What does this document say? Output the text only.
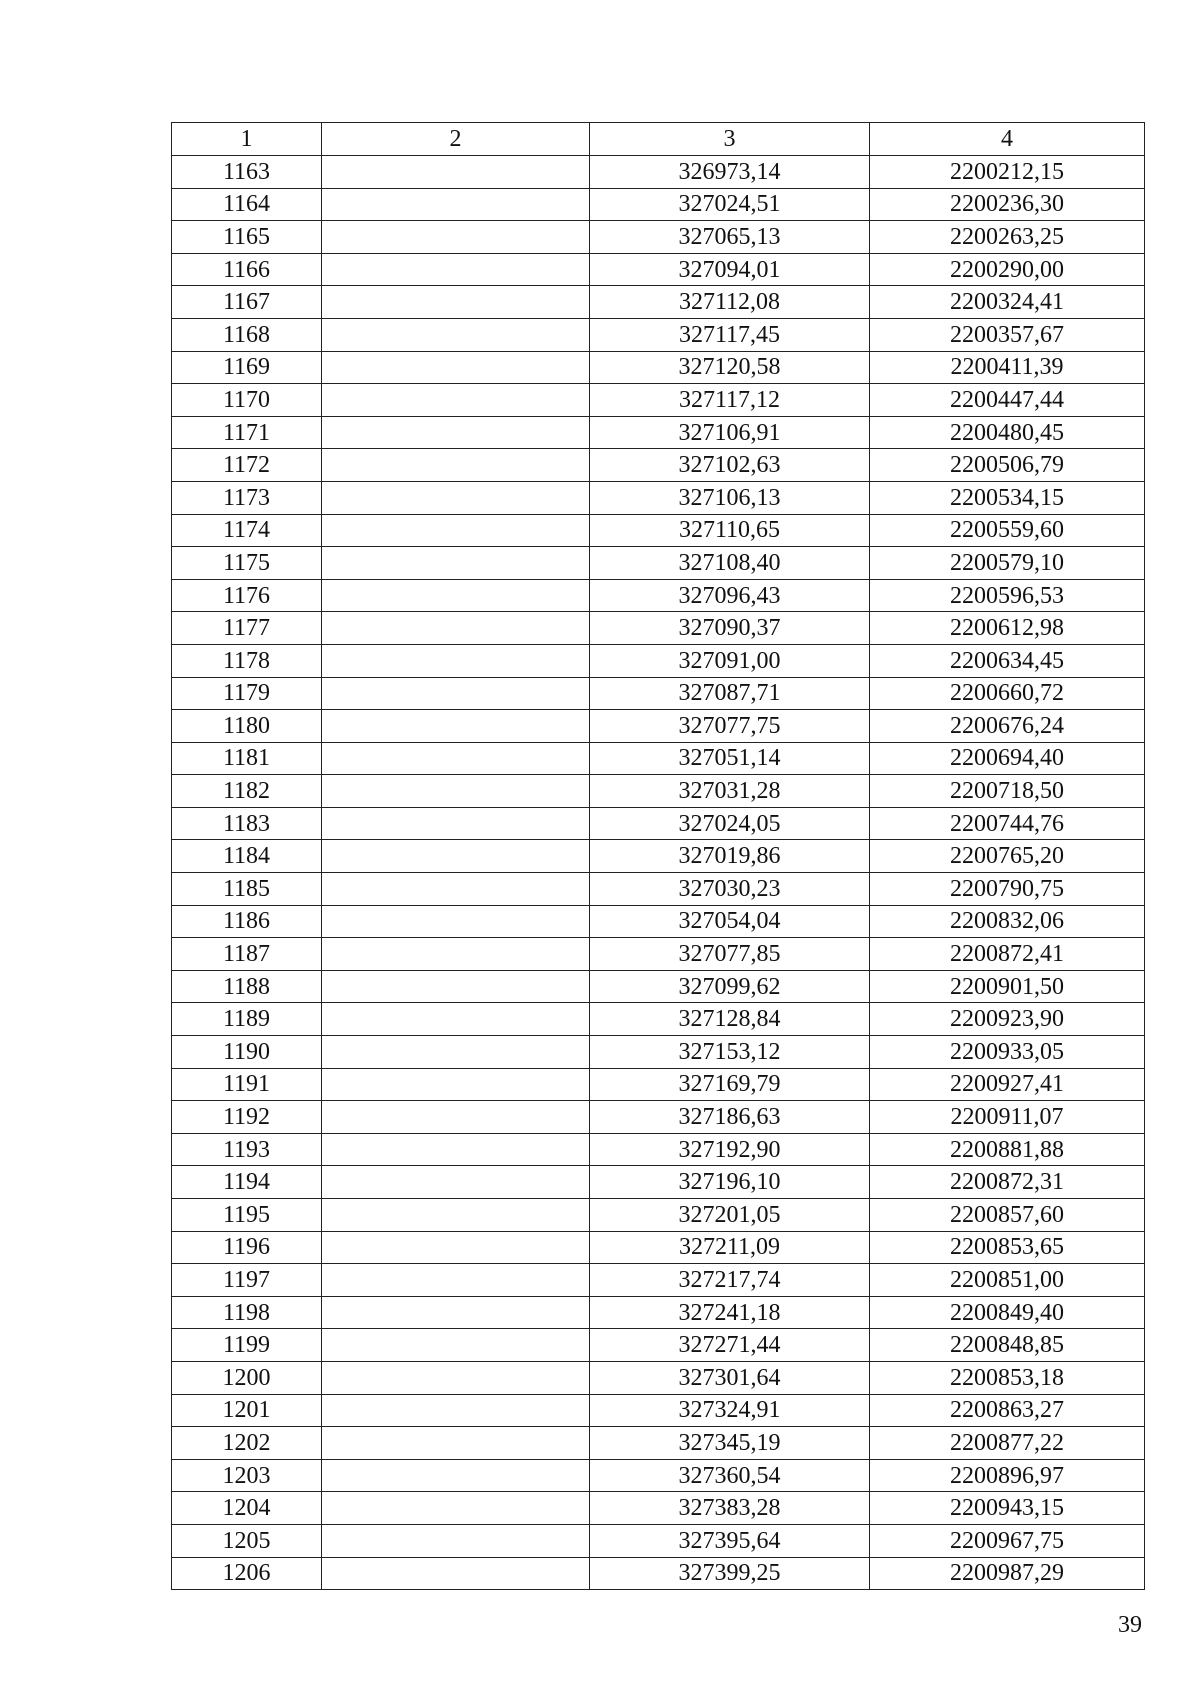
1	2	3	4
1163		326973,14	2200212,15
1164		327024,51	2200236,30
1165		327065,13	2200263,25
1166		327094,01	2200290,00
1167		327112,08	2200324,41
1168		327117,45	2200357,67
1169		327120,58	2200411,39
1170		327117,12	2200447,44
1171		327106,91	2200480,45
1172		327102,63	2200506,79
1173		327106,13	2200534,15
1174		327110,65	2200559,60
1175		327108,40	2200579,10
1176		327096,43	2200596,53
1177		327090,37	2200612,98
1178		327091,00	2200634,45
1179		327087,71	2200660,72
1180		327077,75	2200676,24
1181		327051,14	2200694,40
1182		327031,28	2200718,50
1183		327024,05	2200744,76
1184		327019,86	2200765,20
1185		327030,23	2200790,75
1186		327054,04	2200832,06
1187		327077,85	2200872,41
1188		327099,62	2200901,50
1189		327128,84	2200923,90
1190		327153,12	2200933,05
1191		327169,79	2200927,41
1192		327186,63	2200911,07
1193		327192,90	2200881,88
1194		327196,10	2200872,31
1195		327201,05	2200857,60
1196		327211,09	2200853,65
1197		327217,74	2200851,00
1198		327241,18	2200849,40
1199		327271,44	2200848,85
1200		327301,64	2200853,18
1201		327324,91	2200863,27
1202		327345,19	2200877,22
1203		327360,54	2200896,97
1204		327383,28	2200943,15
1205		327395,64	2200967,75
1206		327399,25	2200987,29
39
